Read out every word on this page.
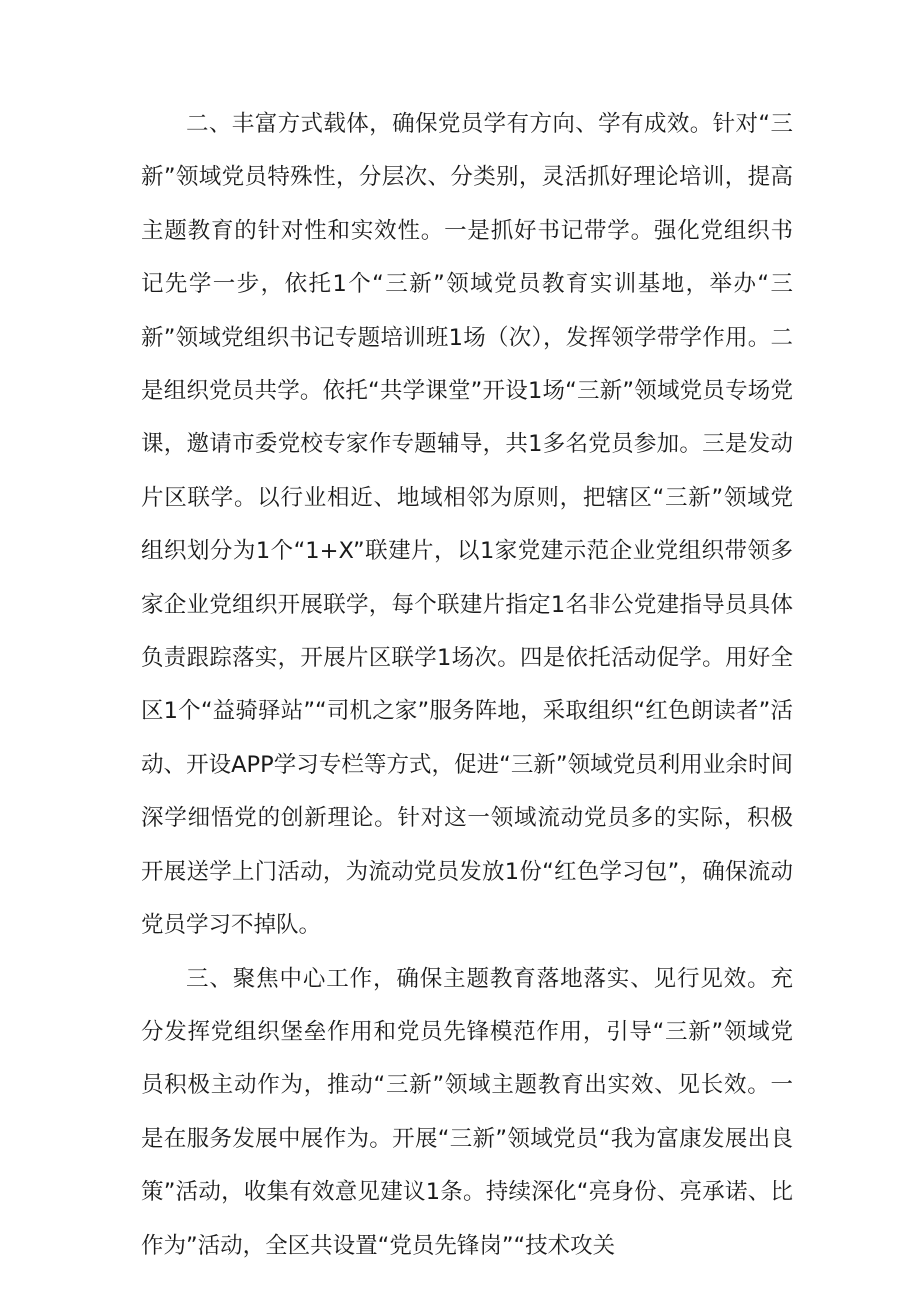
二、丰富方式载体，确保党员学有方向、学有成效。针对“三新”领域党员特殊性，分层次、分类别，灵活抓好理论培训，提高主题教育的针对性和实效性。一是抓好书记带学。强化党组织书记先学一步，依托1个“三新”领域党员教育实训基地，举办“三新”领域党组织书记专题培训班1场（次），发挥领学带学作用。二是组织党员共学。依托“共学课堂”开设1场“三新”领域党员专场党课，邀请市委党校专家作专题辅导，共1多名党员参加。三是发动片区联学。以行业相近、地域相邻为原则，把辖区“三新”领域党组织划分为1个“1+X”联建片，以1家党建示范企业党组织带领多家企业党组织开展联学，每个联建片指定1名非公党建指导员具体负责跟踪落实，开展片区联学1场次。四是依托活动促学。用好全区1个“益骑驿站”“司机之家”服务阵地，采取组织“红色朗读者”活动、开设APP学习专栏等方式，促进“三新”领域党员利用业余时间深学细悟党的创新理论。针对这一领域流动党员多的实际，积极开展送学上门活动，为流动党员发放1份“红色学习包”，确保流动党员学习不掉队。

三、聚焦中心工作，确保主题教育落地落实、见行见效。充分发挥党组织堡垒作用和党员先锋模范作用，引导“三新”领域党员积极主动作为，推动“三新”领域主题教育出实效、见长效。一是在服务发展中展作为。开展“三新”领域党员“我为富康发展出良策”活动，收集有效意见建议1条。持续深化“亮身份、亮承诺、比作为”活动，全区共设置“党员先锋岗”“技术攻关
